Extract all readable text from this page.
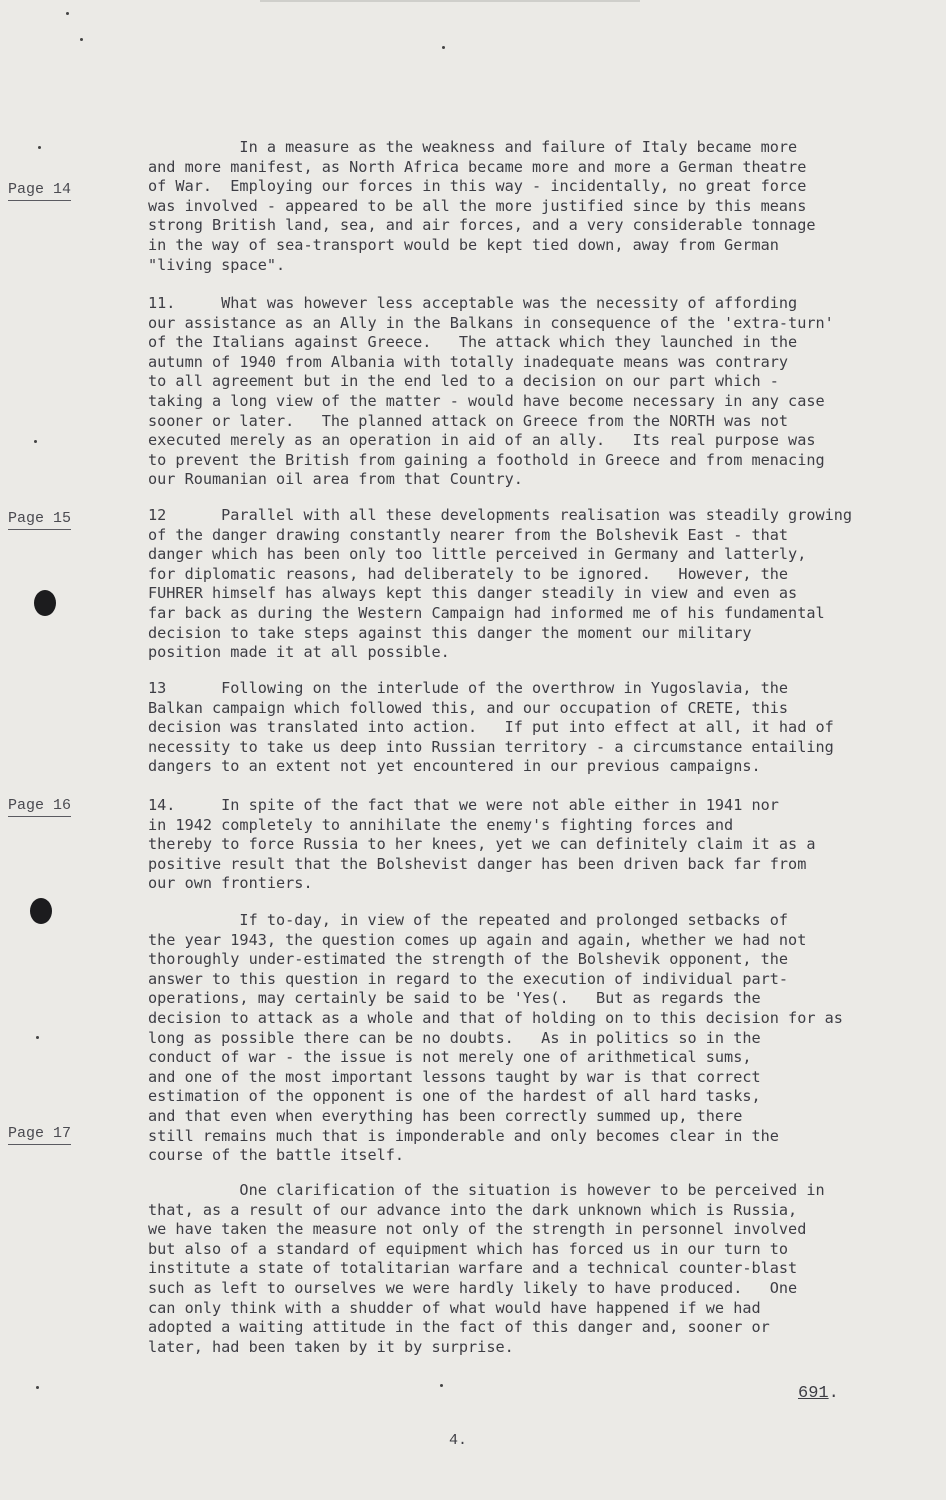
Page 14
Page 15
Page 16
Page 17
In a measure as the weakness and failure of Italy became more
and more manifest, as North Africa became more and more a German theatre
of War.  Employing our forces in this way - incidentally, no great force
was involved - appeared to be all the more justified since by this means
strong British land, sea, and air forces, and a very considerable tonnage
in the way of sea-transport would be kept tied down, away from German
"living space".
11.     What was however less acceptable was the necessity of affording
our assistance as an Ally in the Balkans in consequence of the 'extra-turn'
of the Italians against Greece.   The attack which they launched in the
autumn of 1940 from Albania with totally inadequate means was contrary
to all agreement but in the end led to a decision on our part which -
taking a long view of the matter - would have become necessary in any case
sooner or later.   The planned attack on Greece from the NORTH was not
executed merely as an operation in aid of an ally.   Its real purpose was
to prevent the British from gaining a foothold in Greece and from menacing
our Roumanian oil area from that Country.
12      Parallel with all these developments realisation was steadily growing
of the danger drawing constantly nearer from the Bolshevik East - that
danger which has been only too little perceived in Germany and latterly,
for diplomatic reasons, had deliberately to be ignored.   However, the
FUHRER himself has always kept this danger steadily in view and even as
far back as during the Western Campaign had informed me of his fundamental
decision to take steps against this danger the moment our military
position made it at all possible.
13      Following on the interlude of the overthrow in Yugoslavia, the
Balkan campaign which followed this, and our occupation of CRETE, this
decision was translated into action.   If put into effect at all, it had of
necessity to take us deep into Russian territory - a circumstance entailing
dangers to an extent not yet encountered in our previous campaigns.
14.     In spite of the fact that we were not able either in 1941 nor
in 1942 completely to annihilate the enemy's fighting forces and
thereby to force Russia to her knees, yet we can definitely claim it as a
positive result that the Bolshevist danger has been driven back far from
our own frontiers.
If to-day, in view of the repeated and prolonged setbacks of
the year 1943, the question comes up again and again, whether we had not
thoroughly under-estimated the strength of the Bolshevik opponent, the
answer to this question in regard to the execution of individual part-
operations, may certainly be said to be 'Yes(.   But as regards the
decision to attack as a whole and that of holding on to this decision for as
long as possible there can be no doubts.   As in politics so in the
conduct of war - the issue is not merely one of arithmetical sums,
and one of the most important lessons taught by war is that correct
estimation of the opponent is one of the hardest of all hard tasks,
and that even when everything has been correctly summed up, there
still remains much that is imponderable and only becomes clear in the
course of the battle itself.
One clarification of the situation is however to be perceived in
that, as a result of our advance into the dark unknown which is Russia,
we have taken the measure not only of the strength in personnel involved
but also of a standard of equipment which has forced us in our turn to
institute a state of totalitarian warfare and a technical counter-blast
such as left to ourselves we were hardly likely to have produced.   One
can only think with a shudder of what would have happened if we had
adopted a waiting attitude in the fact of this danger and, sooner or
later, had been taken by it by surprise.
691.
4.
